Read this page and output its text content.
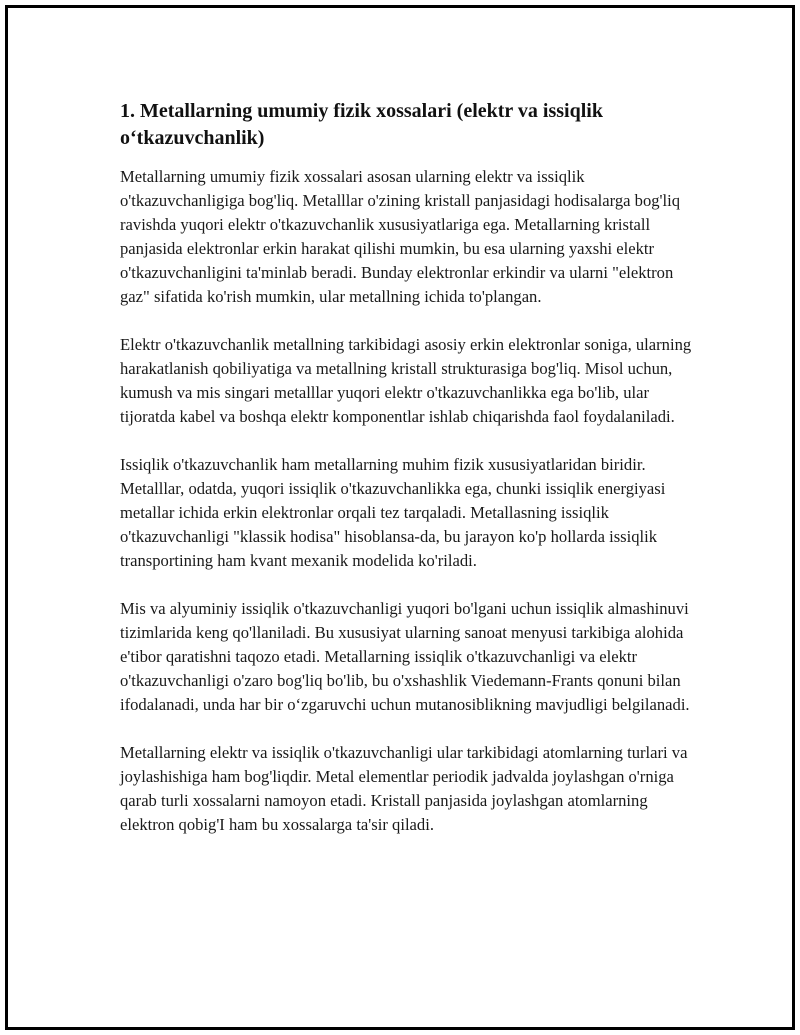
1. Metallarning umumiy fizik xossalari (elektr va issiqlik o‘tkazuvchanlik)

Metallarning umumiy fizik xossalari asosan ularning elektr va issiqlik o'tkazuvchanligiga bog'liq. Metalllar o'zining kristall panjasidagi hodisalarga bog'liq ravishda yuqori elektr o'tkazuvchanlik xususiyatlariga ega. Metallarning kristall panjasida elektronlar erkin harakat qilishi mumkin, bu esa ularning yaxshi elektr o'tkazuvchanligini ta'minlab beradi. Bunday elektronlar erkindir va ularni "elektron gaz" sifatida ko'rish mumkin, ular metallning ichida to'plangan.

Elektr o'tkazuvchanlik metallning tarkibidagi asosiy erkin elektronlar soniga, ularning harakatlanish qobiliyatiga va metallning kristall strukturasiga bog'liq. Misol uchun, kumush va mis singari metalllar yuqori elektr o'tkazuvchanlikka ega bo'lib, ular tijoratda kabel va boshqa elektr komponentlar ishlab chiqarishda faol foydalaniladi.

Issiqlik o'tkazuvchanlik ham metallarning muhim fizik xususiyatlaridan biridir. Metalllar, odatda, yuqori issiqlik o'tkazuvchanlikka ega, chunki issiqlik energiyasi metallar ichida erkin elektronlar orqali tez tarqaladi. Metallasning issiqlik o'tkazuvchanligi "klassik hodisa" hisoblansa-da, bu jarayon ko'p hollarda issiqlik transportining ham kvant mexanik modelida ko'riladi.

Mis va alyuminiy issiqlik o'tkazuvchanligi yuqori bo'lgani uchun issiqlik almashinuvi tizimlarida keng qo'llaniladi. Bu xususiyat ularning sanoat menyusi tarkibiga alohida e'tibor qaratishni taqozo etadi. Metallarning issiqlik o'tkazuvchanligi va elektr o'tkazuvchanligi o'zaro bog'liq bo'lib, bu o'xshashlik Viedemann-Frants qonuni bilan ifodalanadi, unda har bir o‘zgaruvchi uchun mutanosiblikning mavjudligi belgilanadi.

Metallarning elektr va issiqlik o'tkazuvchanligi ular tarkibidagi atomlarning turlari va joylashishiga ham bog'liqdir. Metal elementlar periodik jadvalda joylashgan o'rniga qarab turli xossalarni namoyon etadi. Kristall panjasida joylashgan atomlarning elektron qobig'I ham bu xossalarga ta'sir qiladi.
